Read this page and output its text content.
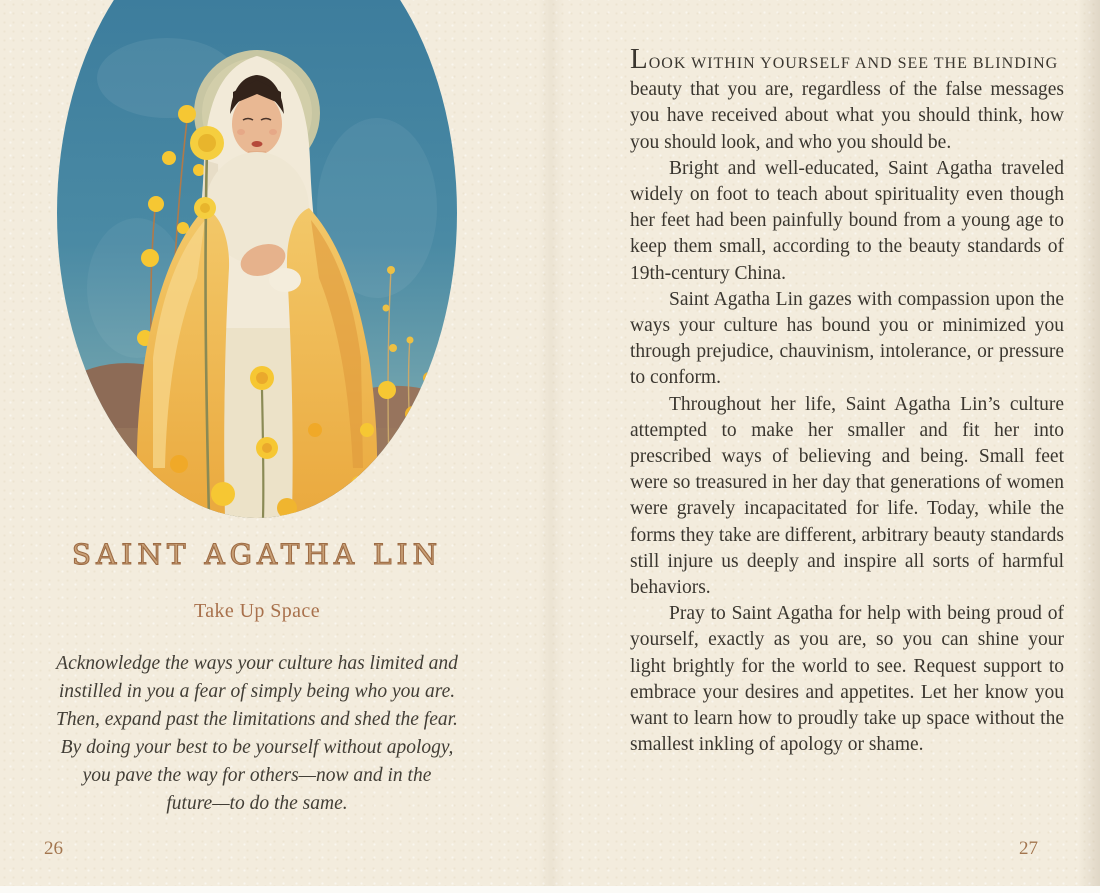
SAINT AGATHA LIN
Take Up Space
Acknowledge the ways your culture has limited and
instilled in you a fear of simply being who you are.
Then, expand past the limitations and shed the fear.
By doing your best to be yourself without apology,
you pave the way for others—now and in the
future—to do the same.
26
L OOK WITHIN YOURSELF AND SEE THE BLINDING

beauty that you are, regardless of the false messages you have received about what you should think, how you should look, and who you should be.

Bright and well-educated, Saint Agatha traveled widely on foot to teach about spirituality even though her feet had been painfully bound from a young age to keep them small, according to the beauty standards of 19th-century China.

Saint Agatha Lin gazes with compassion upon the ways your culture has bound you or minimized you through prejudice, chauvinism, intolerance, or pressure to conform.

Throughout her life, Saint Agatha Lin’s culture attempted to make her smaller and fit her into prescribed ways of believing and being. Small feet were so treasured in her day that generations of women were gravely incapacitated for life. Today, while the forms they take are different, arbitrary beauty standards still injure us deeply and inspire all sorts of harmful behaviors.

Pray to Saint Agatha for help with being proud of yourself, exactly as you are, so you can shine your light brightly for the world to see. Request support to embrace your desires and appetites. Let her know you want to learn how to proudly take up space without the smallest inkling of apology or shame.

27
